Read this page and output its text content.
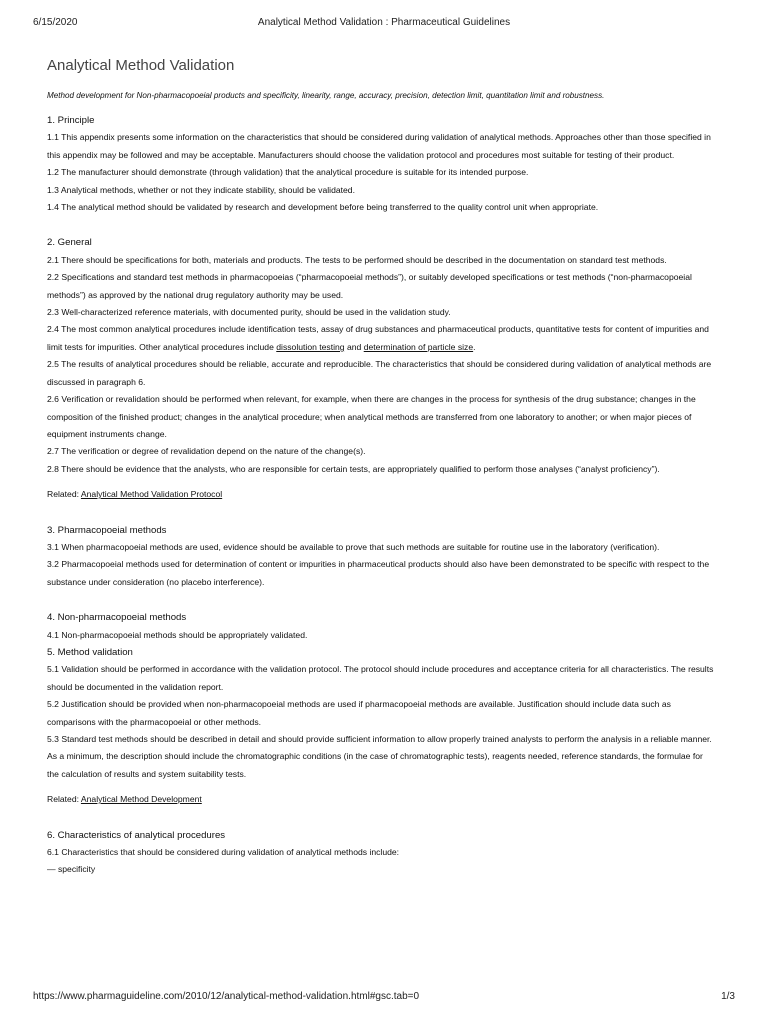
6/15/2020	Analytical Method Validation : Pharmaceutical Guidelines
Analytical Method Validation

Method development for Non-pharmacopoeial products and specificity, linearity, range, accuracy, precision, detection limit, quantitation limit and robustness.

1. Principle

1.1 This appendix presents some information on the characteristics that should be considered during validation of analytical methods. Approaches other than those specified in this appendix may be followed and may be acceptable. Manufacturers should choose the validation protocol and procedures most suitable for testing of their product.

1.2 The manufacturer should demonstrate (through validation) that the analytical procedure is suitable for its intended purpose.

1.3 Analytical methods, whether or not they indicate stability, should be validated.

1.4 The analytical method should be validated by research and development before being transferred to the quality control unit when appropriate.

2. General

2.1 There should be specifications for both, materials and products. The tests to be performed should be described in the documentation on standard test methods.

2.2 Specifications and standard test methods in pharmacopoeias (“pharmacopoeial methods”), or suitably developed specifications or test methods (“non-pharmacopoeial methods”) as approved by the national drug regulatory authority may be used.

2.3 Well-characterized reference materials, with documented purity, should be used in the validation study.

2.4 The most common analytical procedures include identification tests, assay of drug substances and pharmaceutical products, quantitative tests for content of impurities and limit tests for impurities. Other analytical procedures include dissolution testing and determination of particle size.

2.5 The results of analytical procedures should be reliable, accurate and reproducible. The characteristics that should be considered during validation of analytical methods are discussed in paragraph 6.

2.6 Verification or revalidation should be performed when relevant, for example, when there are changes in the process for synthesis of the drug substance; changes in the composition of the finished product; changes in the analytical procedure; when analytical methods are transferred from one laboratory to another; or when major pieces of equipment instruments change.

2.7 The verification or degree of revalidation depend on the nature of the change(s).

2.8 There should be evidence that the analysts, who are responsible for certain tests, are appropriately qualified to perform those analyses (“analyst proficiency”).

Related: Analytical Method Validation Protocol

3. Pharmacopoeial methods

3.1 When pharmacopoeial methods are used, evidence should be available to prove that such methods are suitable for routine use in the laboratory (verification).

3.2 Pharmacopoeial methods used for determination of content or impurities in pharmaceutical products should also have been demonstrated to be specific with respect to the substance under consideration (no placebo interference).

4. Non-pharmacopoeial methods

4.1 Non-pharmacopoeial methods should be appropriately validated.

5. Method validation

5.1 Validation should be performed in accordance with the validation protocol. The protocol should include procedures and acceptance criteria for all characteristics. The results should be documented in the validation report.

5.2 Justification should be provided when non-pharmacopoeial methods are used if pharmacopoeial methods are available. Justification should include data such as comparisons with the pharmacopoeial or other methods.

5.3 Standard test methods should be described in detail and should provide sufficient information to allow properly trained analysts to perform the analysis in a reliable manner. As a minimum, the description should include the chromatographic conditions (in the case of chromatographic tests), reagents needed, reference standards, the formulae for the calculation of results and system suitability tests.

Related: Analytical Method Development

6. Characteristics of analytical procedures

6.1 Characteristics that should be considered during validation of analytical methods include:

— specificity

https://www.pharmaguideline.com/2010/12/analytical-method-validation.html#gsc.tab=0	1/3
